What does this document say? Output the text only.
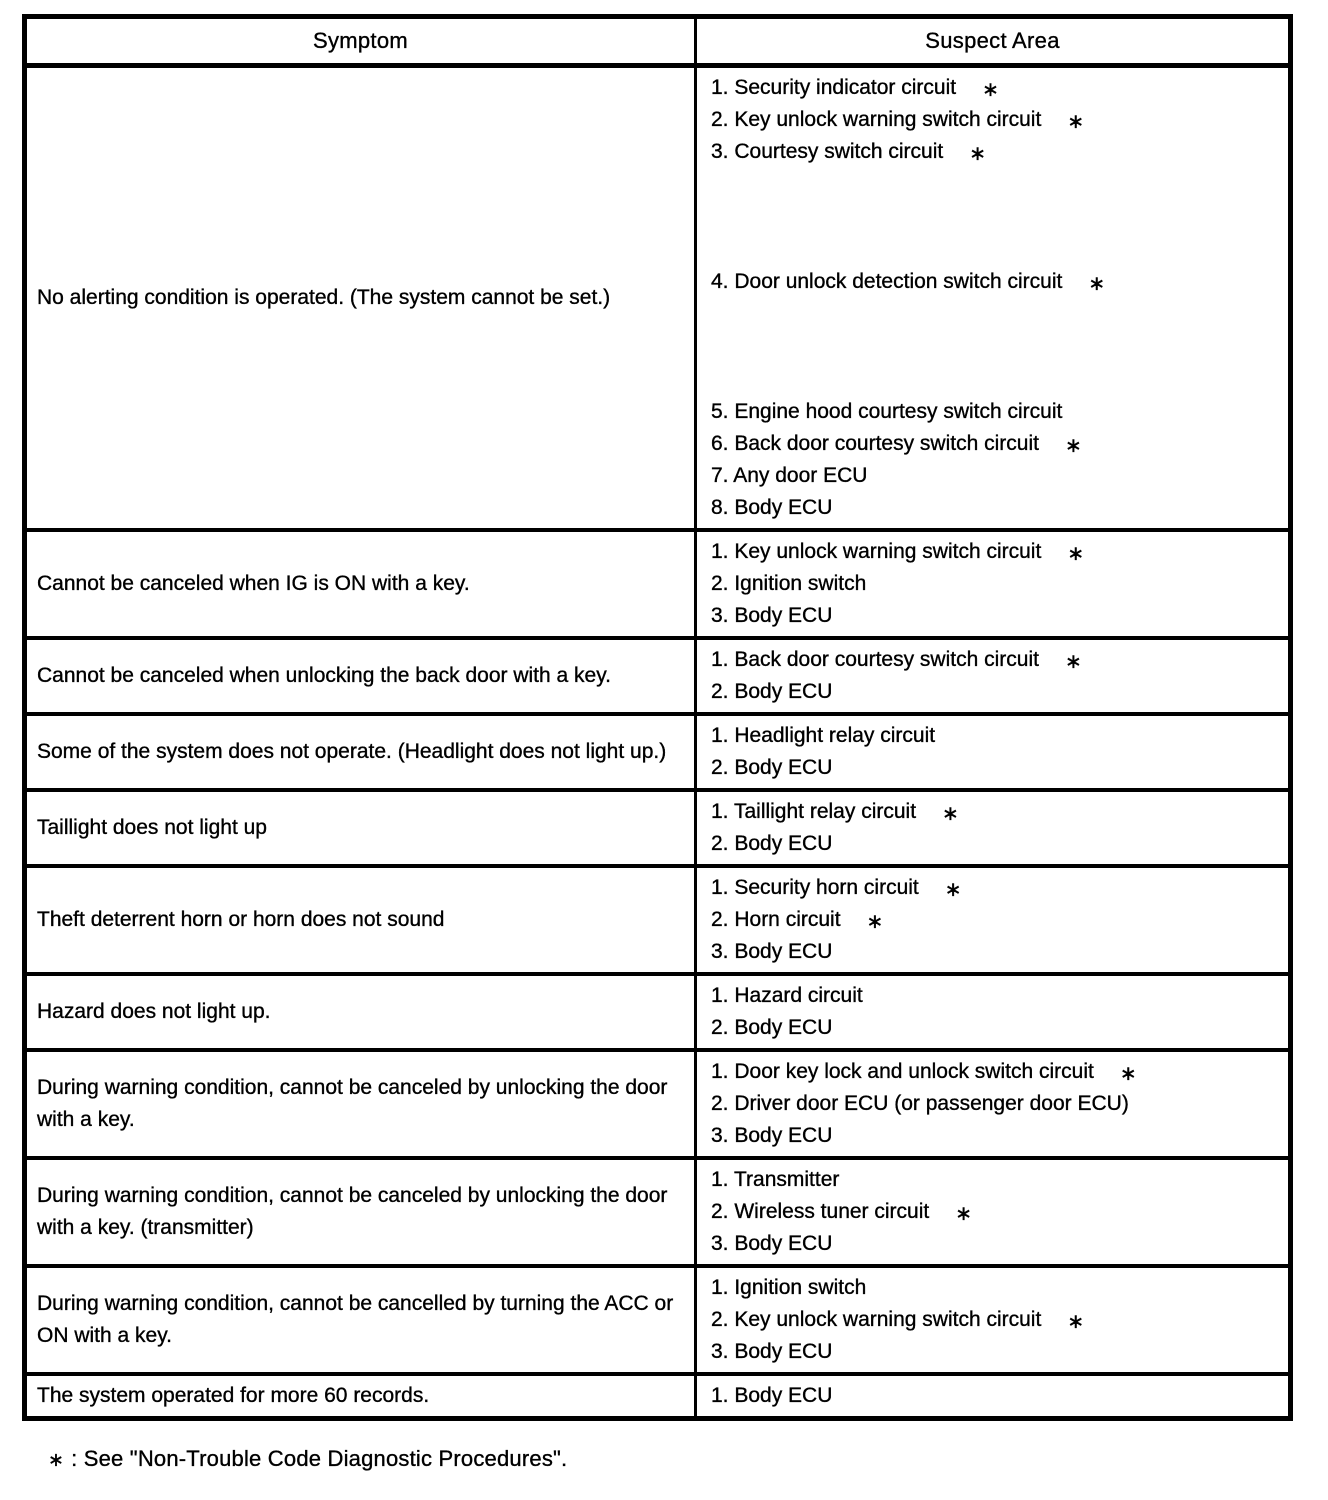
Symptom	Suspect Area
No alerting condition is operated. (The system cannot be set.)
1. Security indicator circuit ∗
2. Key unlock warning switch circuit ∗
3. Courtesy switch circuit ∗
4. Door unlock detection switch circuit ∗
5. Engine hood courtesy switch circuit
6. Back door courtesy switch circuit ∗
7. Any door ECU
8. Body ECU
Cannot be canceled when IG is ON with a key.
1. Key unlock warning switch circuit ∗
2. Ignition switch
3. Body ECU
Cannot be canceled when unlocking the back door with a key.
1. Back door courtesy switch circuit ∗
2. Body ECU
Some of the system does not operate. (Headlight does not light up.)
1. Headlight relay circuit
2. Body ECU
Taillight does not light up
1. Taillight relay circuit ∗
2. Body ECU
Theft deterrent horn or horn does not sound
1. Security horn circuit ∗
2. Horn circuit ∗
3. Body ECU
Hazard does not light up.
1. Hazard circuit
2. Body ECU
During warning condition, cannot be canceled by unlocking the door with a key.
1. Door key lock and unlock switch circuit ∗
2. Driver door ECU (or passenger door ECU)
3. Body ECU
During warning condition, cannot be canceled by unlocking the door with a key. (transmitter)
1. Transmitter
2. Wireless tuner circuit ∗
3. Body ECU
During warning condition, cannot be cancelled by turning the ACC or ON with a key.
1. Ignition switch
2. Key unlock warning switch circuit ∗
3. Body ECU
The system operated for more 60 records.	1. Body ECU
∗ : See "Non-Trouble Code Diagnostic Procedures".
